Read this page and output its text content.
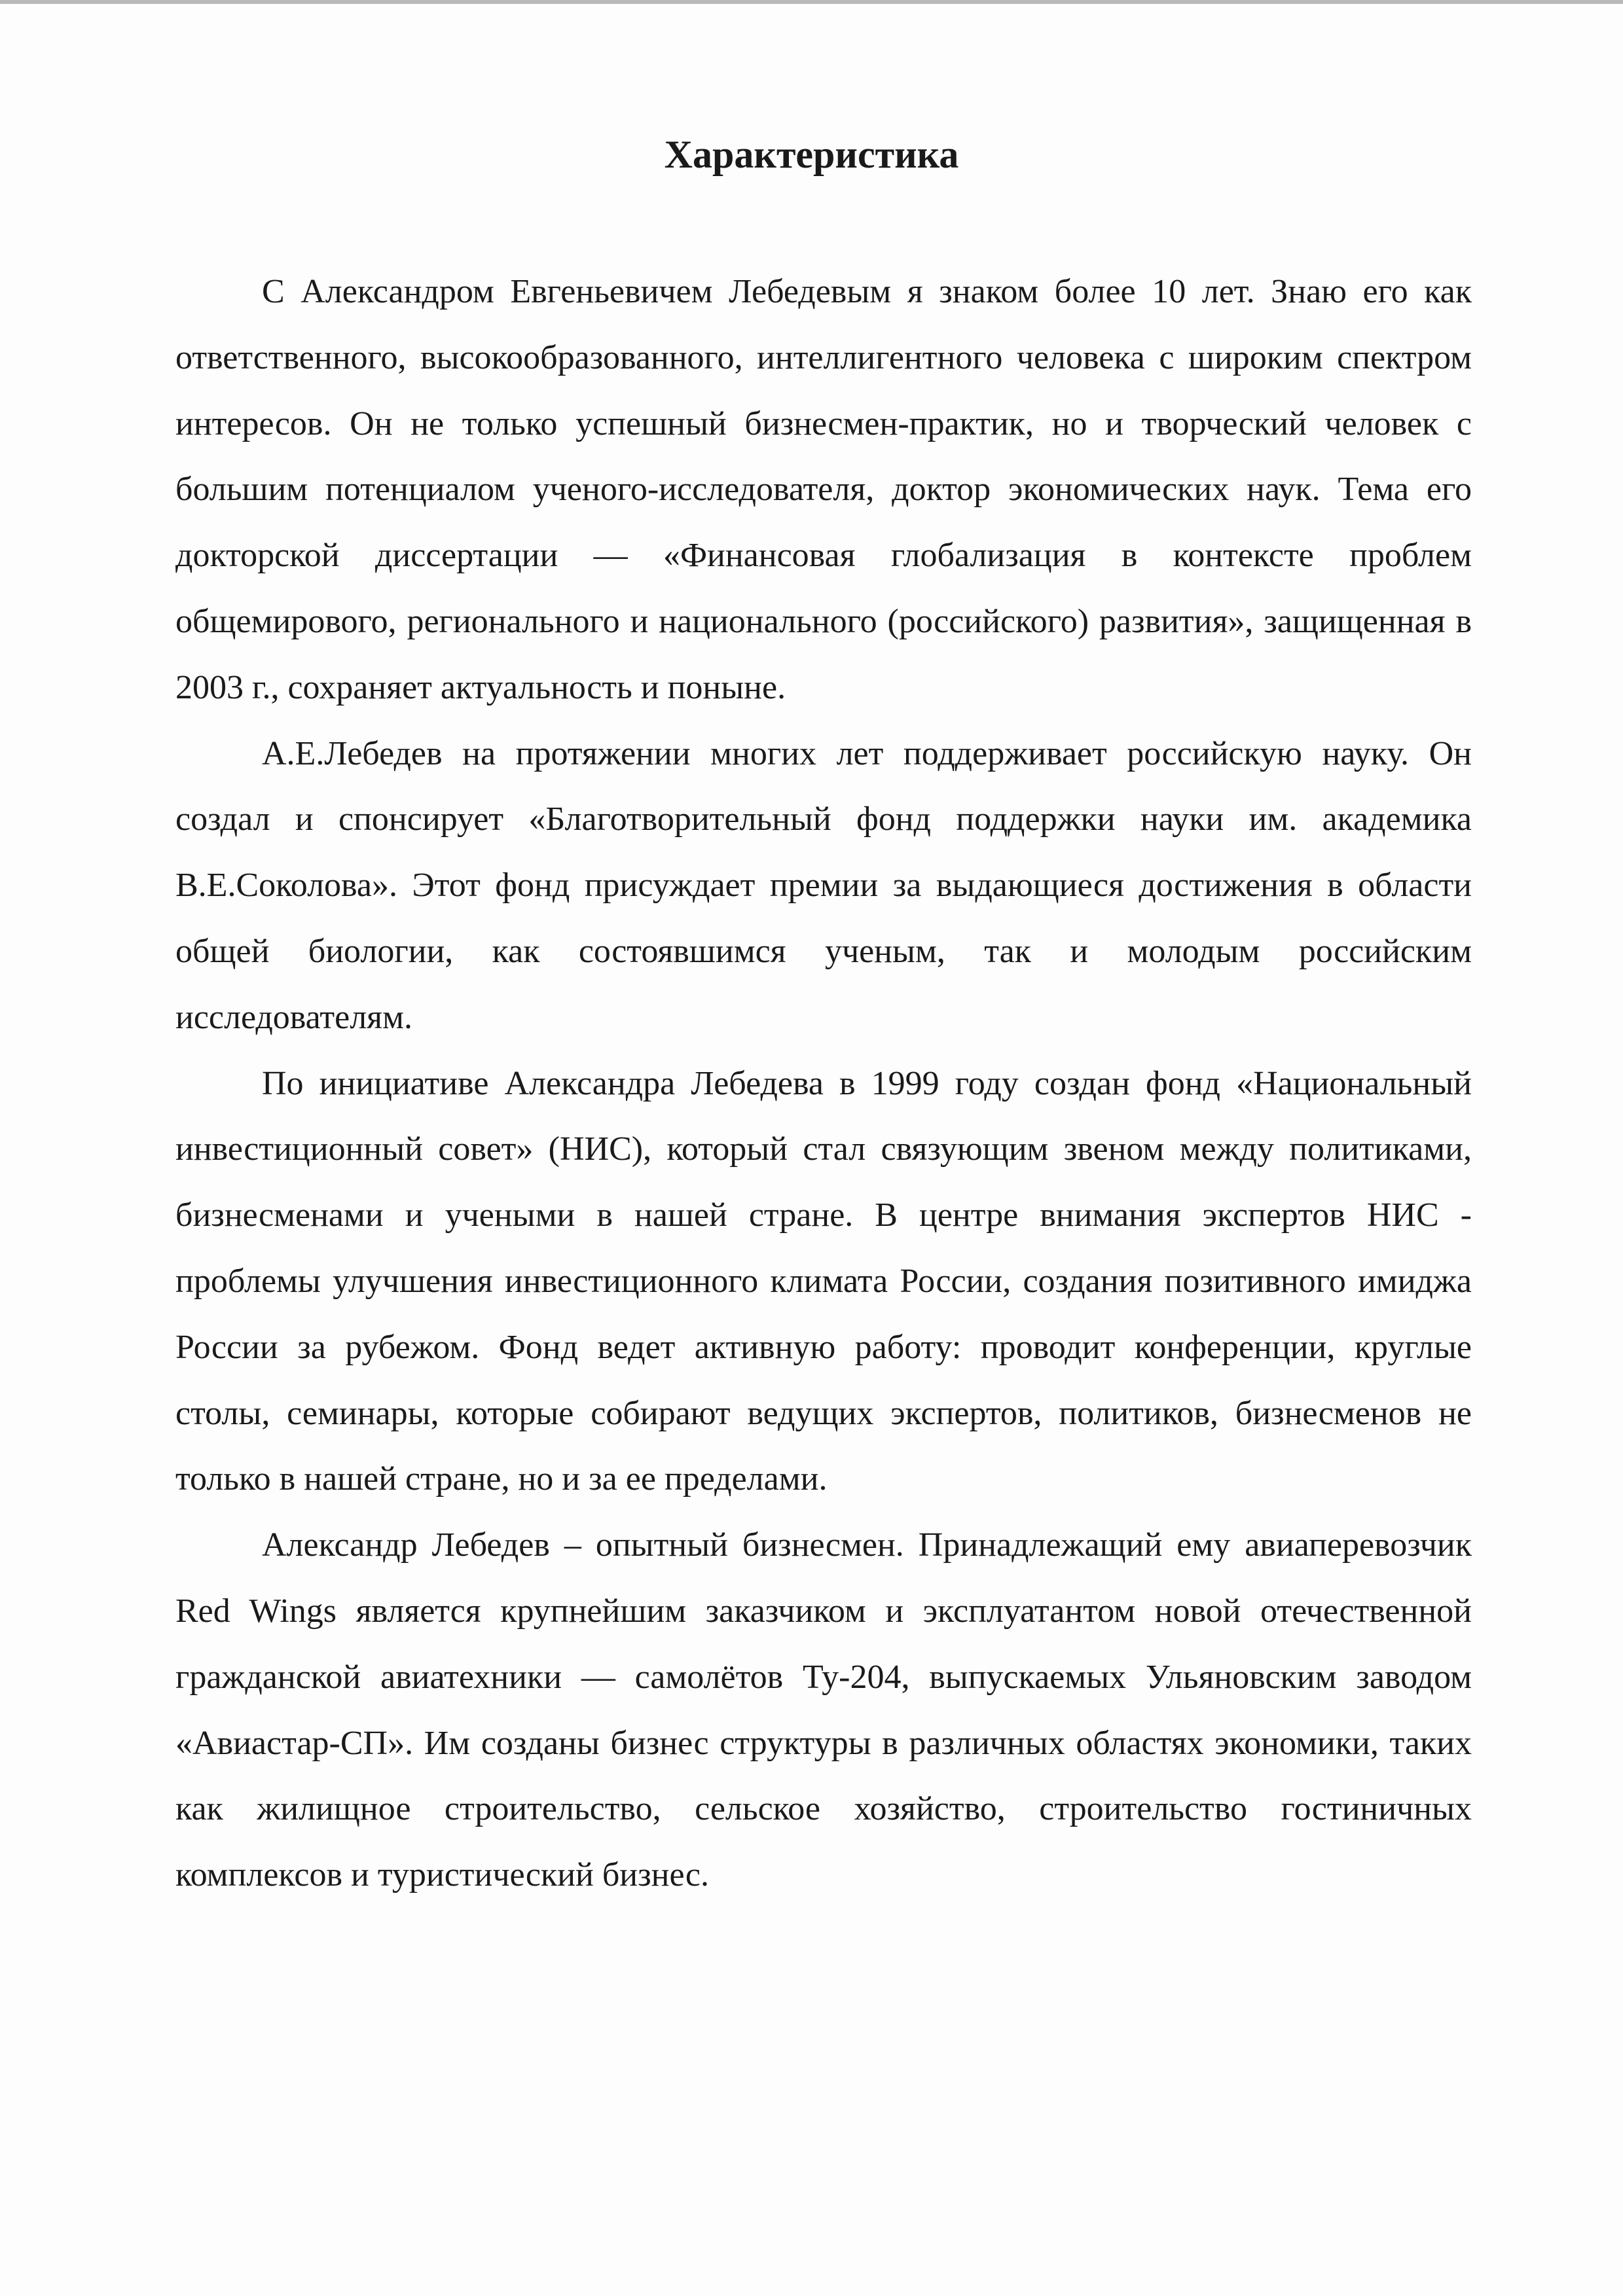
Характеристика

С Александром Евгеньевичем Лебедевым я знаком более 10 лет. Знаю его как ответственного, высокообразованного, интеллигентного человека с широким спектром интересов. Он не только успешный бизнесмен-практик, но и творческий человек с большим потенциалом ученого-исследователя, доктор экономических наук. Тема его докторской диссертации — «Финансовая глобализация в контексте проблем общемирового, регионального и национального (российского) развития», защищенная в 2003 г., сохраняет актуальность и поныне.

А.Е.Лебедев на протяжении многих лет поддерживает российскую науку. Он создал и спонсирует «Благотворительный фонд поддержки науки им. академика В.Е.Соколова». Этот фонд присуждает премии за выдающиеся достижения в области общей биологии, как состоявшимся ученым, так и молодым российским исследователям.

По инициативе Александра Лебедева в 1999 году создан фонд «Национальный инвестиционный совет» (НИС), который стал связующим звеном между политиками, бизнесменами и учеными в нашей стране. В центре внимания экспертов НИС - проблемы улучшения инвестиционного климата России, создания позитивного имиджа России за рубежом. Фонд ведет активную работу: проводит конференции, круглые столы, семинары, которые собирают ведущих экспертов, политиков, бизнесменов не только в нашей стране, но и за ее пределами.

Александр Лебедев – опытный бизнесмен. Принадлежащий ему авиаперевозчик Red Wings является крупнейшим заказчиком и эксплуатантом новой отечественной гражданской авиатехники — самолётов Ту-204, выпускаемых Ульяновским заводом «Авиастар-СП». Им созданы бизнес структуры в различных областях экономики, таких как жилищное строительство, сельское хозяйство, строительство гостиничных комплексов и туристический бизнес.
